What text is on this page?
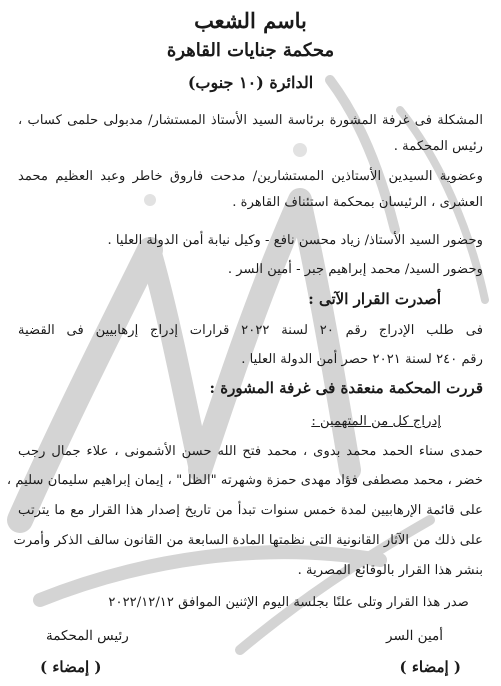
باسم الشعب
محكمة جنايات القاهرة
الدائرة (١٠ جنوب)
المشكلة فى غرفة المشورة برئاسة السيد الأستاذ المستشار/ مدبولى حلمى كساب ،
رئيس المحكمة .
وعضوية السيدين الأستاذين المستشارين/ مدحت فاروق خاطر وعبد العظيم محمد
العشرى ، الرئيسان بمحكمة استئناف القاهرة .
وحضور السيد الأستاذ/ زياد محسن نافع - وكيل نيابة أمن الدولة العليا .
وحضور السيد/ محمد إبراهيم جبر - أمين السر .
أصدرت القرار الآتى :
فى طلب الإدراج رقم ٢٠ لسنة ٢٠٢٢ قرارات إدراج إرهابيين فى القضية
رقم ٢٤٠ لسنة ٢٠٢١ حصر أمن الدولة العليا .
قررت المحكمة منعقدة فى غرفة المشورة :
إدراج كل من المتهمين :
حمدى سناء الحمد محمد بدوى ، محمد فتح الله حسن الأشمونى ، علاء جمال رجب
خضر ، محمد مصطفى فؤاد مهدى حمزة وشهرته "الظل" ، إيمان إبراهيم سليمان سليم ،
على قائمة الإرهابيين لمدة خمس سنوات تبدأ من تاريخ إصدار هذا القرار مع ما يترتب
على ذلك من الآثار القانونية التى نظمتها المادة السابعة من القانون سالف الذكر وأمرت
بنشر هذا القرار بالوقائع المصرية .
صدر هذا القرار وتلى علنًا بجلسة اليوم الإثنين الموافق ٢٠٢٢/١٢/١٢
أمين السر
رئيس المحكمة
( إمضاء )
( إمضاء )
